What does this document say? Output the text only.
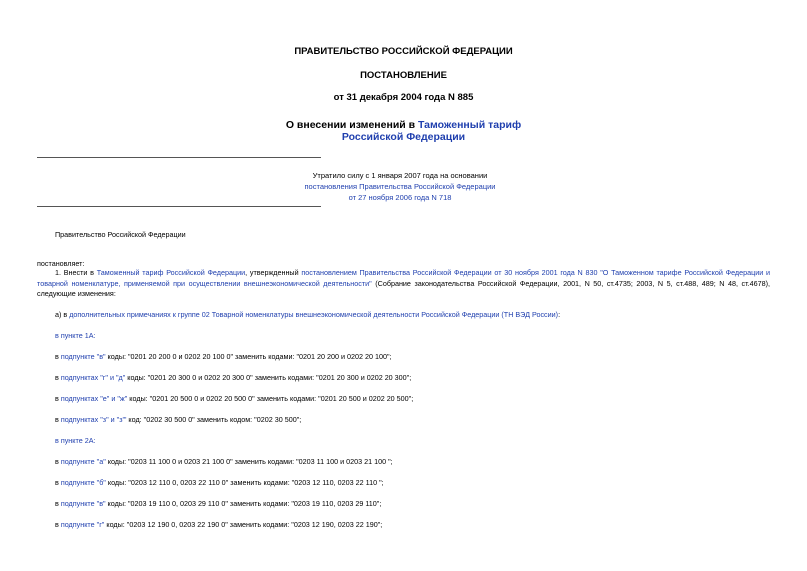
ПРАВИТЕЛЬСТВО РОССИЙСКОЙ ФЕДЕРАЦИИ
ПОСТАНОВЛЕНИЕ
от 31 декабря 2004 года N 885
О внесении изменений в Таможенный тариф
Российской Федерации
Утратило силу с 1 января 2007 года на основании
постановления Правительства Российской Федерации
от 27 ноября 2006 года N 718
Правительство Российской Федерации
постановляет:
1. Внести в Таможенный тариф Российской Федерации, утвержденный постановлением Правительства Российской Федерации от 30 ноября 2001 года N 830 "О Таможенном тарифе Российской Федерации и товарной номенклатуре, применяемой при осуществлении внешнеэкономической деятельности" (Собрание законодательства Российской Федерации, 2001, N 50, ст.4735; 2003, N 5, ст.488, 489; N 48, ст.4678), следующие изменения:
а) в дополнительных примечаниях к группе 02 Товарной номенклатуры внешнеэкономической деятельности Российской Федерации (ТН ВЭД России):
в пункте 1А:
в подпункте "в" коды: "0201 20 200 0 и 0202 20 100 0" заменить кодами: "0201 20 200 и 0202 20 100";
в подпунктах "г" и "д" коды: "0201 20 300 0 и 0202 20 300 0" заменить кодами: "0201 20 300 и 0202 20 300";
в подпунктах "е" и "ж" коды: "0201 20 500 0 и 0202 20 500 0" заменить кодами: "0201 20 500 и 0202 20 500";
в подпунктах "з" и "з'" код: "0202 30 500 0" заменить кодом: "0202 30 500";
в пункте 2А:
в подпункте "а" коды: "0203 11 100 0 и 0203 21 100 0" заменить кодами: "0203 11 100 и 0203 21 100 ";
в подпункте "б" коды: "0203 12 110 0, 0203 22 110 0" заменить кодами: "0203 12 110, 0203 22 110 ";
в подпункте "в" коды: "0203 19 110 0, 0203 29 110 0" заменить кодами: "0203 19 110, 0203 29 110";
в подпункте "г" коды: "0203 12 190 0, 0203 22 190 0" заменить кодами: "0203 12 190, 0203 22 190";
